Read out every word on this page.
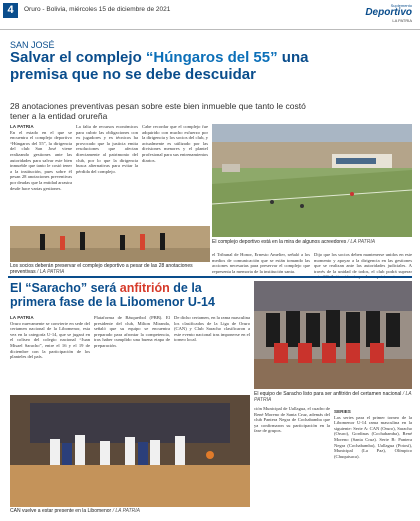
4	Oruro - Bolivia, miércoles 15 de diciembre de 2021
Suplemento
Deportivo
LA PATRIA
SAN JOSÉ
Salvar el complejo “Húngaros del 55” una premisa que no se debe descuidar
28 anotaciones preventivas pesan sobre este bien inmueble que tanto le costó tener a la entidad orureña
LA PATRIA
En el estado en el que se encuentra el complejo deportivo “Húngaros del 55”, la dirigencia del club San José viene realizando gestiones ante las autoridades para salvar este bien inmueble que tanto le costó tener a la institución, pues sobre él pesan 28 anotaciones preventivas por deudas que la entidad arrastra desde hace varias gestiones.
La falta de recursos económicos para cubrir las obligaciones con ex jugadores y ex técnicos ha provocado que la justicia emita resoluciones que afectan directamente al patrimonio del club, por lo que la dirigencia busca alternativas para evitar la pérdida del complejo.
Cabe recordar que el complejo fue adquirido con mucho esfuerzo por la dirigencia y los socios del club, y actualmente es utilizado por las divisiones menores y el plantel profesional para sus entrenamientos diarios.
El complejo deportivo está en la mira de algunos acreedores / LA PATRIA
Los socios deberán preservar el complejo deportivo a pesar de las 28 anotaciones preventivas / LA PATRIA
el Tribunal de Honor, Ernesto Amelier, señaló a los medios de comunicación que se están tomando las acciones necesarias para preservar el complejo que representa la memoria de la institución santa.
Dijo que los socios deben mantenerse unidos en este momento y apoyar a la dirigencia en las gestiones que se realizan ante las autoridades judiciales. A través de la unidad de todos, el club podrá superar esta difícil situación sin perder su patrimonio.
El “Saracho” será anfitrión de la primera fase de la Libomenor U-14
LA PATRIA
Oruro nuevamente se convierte en sede del certamen nacional de la Libomenor, esta vez en la categoría U-14, que se jugará en el coliseo del colegio nacional “Juan Misael Saracho”, entre el 16 y el 19 de diciembre con la participación de los planteles del país.
Plataforma de Básquetbol (PBB). El presidente del club, Milton Miranda, señaló que su equipo se encuentra preparado para afrontar la competencia, tras haber cumplido una buena etapa de preparación.
De dicho certamen, en la rama masculina los clasificados de la Liga de Oruro (CAN) y Club Saracho clasificaron a este evento nacional tras imponerse en el torneo local.
CAN vuelve a estar presente en la Libomenor / LA PATRIA
El equipo de Saracho listo para ser anfitrión del certamen nacional / LA PATRIA
ción Municipal de Uallagua, el cuadro de René Moreno de Santa Cruz, además del club Pantera Negra de Cochabamba que ya confirmaron su participación en la fase de grupos.
SERIES
Las series para el primer torneo de la Libomenor U-14 rama masculina en la siguiente: Serie A: CAN (Oruro), Saracho (Oruro), Gordinas (Cochabamba), René Moreno (Santa Cruz). Serie B: Pantera Negra (Cochabamba), Uallagua (Potosí), Municipal (La Paz), Olímpico (Chuquisaca).
